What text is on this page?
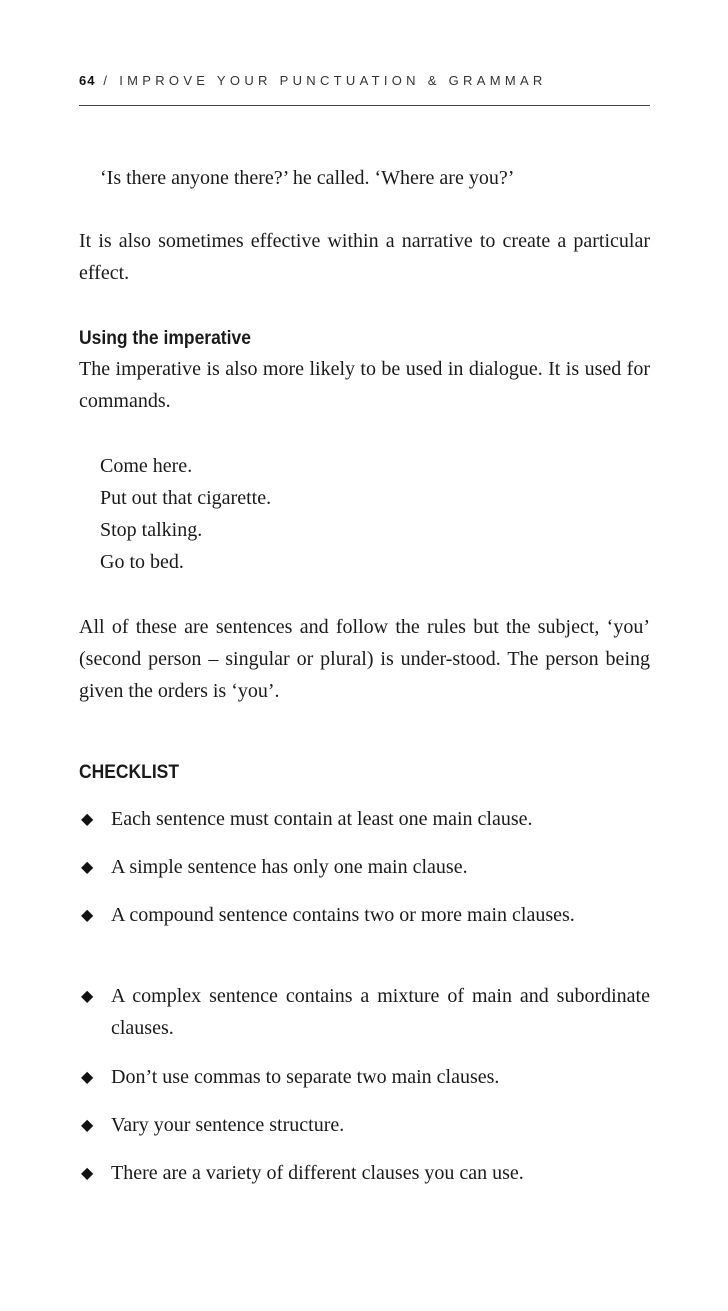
64 / IMPROVE YOUR PUNCTUATION & GRAMMAR

‘Is there anyone there?’ he called. ‘Where are you?’

It is also sometimes effective within a narrative to create a particular effect.

Using the imperative

The imperative is also more likely to be used in dialogue. It is used for commands.

Come here.
Put out that cigarette.
Stop talking.
Go to bed.

All of these are sentences and follow the rules but the subject, ‘you’ (second person – singular or plural) is under-stood. The person being given the orders is ‘you’.

CHECKLIST
◆ Each sentence must contain at least one main clause.
◆ A simple sentence has only one main clause.
◆ A compound sentence contains two or more main clauses.
◆ A complex sentence contains a mixture of main and subordinate clauses.
◆ Don’t use commas to separate two main clauses.
◆ Vary your sentence structure.
◆ There are a variety of different clauses you can use.
